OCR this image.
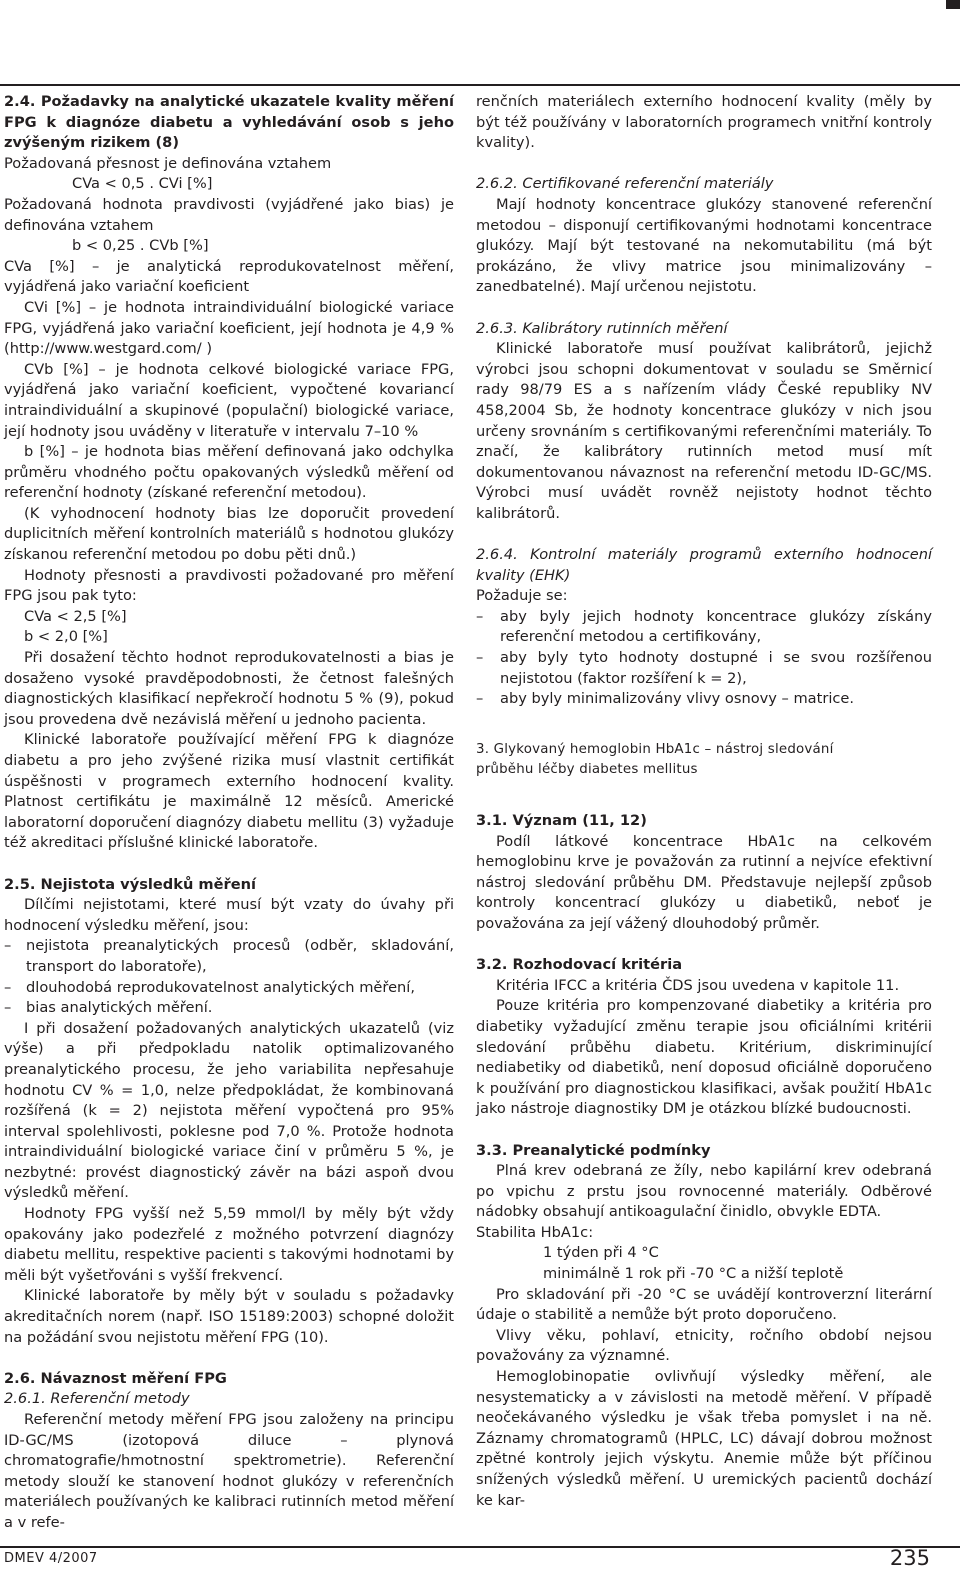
2.4. Požadavky na analytické ukazatele kvality měření FPG k diagnóze diabetu a vyhledávání osob s jeho zvýšeným rizikem (8)

Požadovaná přesnost je definována vztahem

CVa < 0,5 . CVi [%]

Požadovaná hodnota pravdivosti (vyjádřené jako bias) je definována vztahem

b < 0,25 . CVb [%]

CVa [%] – je analytická reprodukovatelnost měření, vyjádřená jako variační koeficient

CVi [%] – je hodnota intraindividuální biologické variace FPG, vyjádřená jako variační koeficient, její hodnota je 4,9 % (http://www.westgard.com/ )

CVb [%] – je hodnota celkové biologické variace FPG, vyjádřená jako variační koeficient, vypočtené kovariancí intraindividuální a skupinové (populační) biologické variace, její hodnoty jsou uváděny v literatuře v intervalu 7–10 %

b [%] – je hodnota bias měření definovaná jako odchylka průměru vhodného počtu opakovaných výsledků měření od referenční hodnoty (získané referenční metodou).

(K vyhodnocení hodnoty bias lze doporučit provedení duplicitních měření kontrolních materiálů s hodnotou glukózy získanou referenční metodou po dobu pěti dnů.)

Hodnoty přesnosti a pravdivosti požadované pro měření FPG jsou pak tyto:

CVa < 2,5 [%]

b < 2,0 [%]

Při dosažení těchto hodnot reprodukovatelnosti a bias je dosaženo vysoké pravděpodobnosti, že četnost falešných diagnostických klasifikací nepřekročí hodnotu 5 % (9), pokud jsou provedena dvě nezávislá měření u jednoho pacienta.

Klinické laboratoře používající měření FPG k diagnóze diabetu a pro jeho zvýšené rizika musí vlastnit certifikát úspěšnosti v programech externího hodnocení kvality. Platnost certifikátu je maximálně 12 měsíců. Americké laboratorní doporučení diagnózy diabetu mellitu (3) vyžaduje též akreditaci příslušné klinické laboratoře.

2.5. Nejistota výsledků měření

Dílčími nejistotami, které musí být vzaty do úvahy při hodnocení výsledku měření, jsou:

– nejistota preanalytických procesů (odběr, skladování, transport do laboratoře),
– dlouhodobá reprodukovatelnost analytických měření,
– bias analytických měření.

I při dosažení požadovaných analytických ukazatelů (viz výše) a při předpokladu natolik optimalizovaného preanalytického procesu, že jeho variabilita nepřesahuje hodnotu CV % = 1,0, nelze předpokládat, že kombinovaná rozšířená (k = 2) nejistota měření vypočtená pro 95% interval spolehlivosti, poklesne pod 7,0 %. Protože hodnota intraindividuální biologické variace činí v průměru 5 %, je nezbytné: provést diagnostický závěr na bázi aspoň dvou výsledků měření.

Hodnoty FPG vyšší než 5,59 mmol/l by měly být vždy opakovány jako podezřelé z možného potvrzení diagnózy diabetu mellitu, respektive pacienti s takovými hodnotami by měli být vyšetřováni s vyšší frekvencí.

Klinické laboratoře by měly být v souladu s požadavky akreditačních norem (např. ISO 15189:2003) schopné doložit na požádání svou nejistotu měření FPG (10).

2.6. Návaznost měření FPG

2.6.1. Referenční metody

Referenční metody měření FPG jsou založeny na principu ID-GC/MS (izotopová diluce – plynová chromatografie/hmotnostní spektrometrie). Referenční metody slouží ke stanovení hodnot glukózy v referenčních materiálech používaných ke kalibraci rutinních metod měření a v refe-

renčních materiálech externího hodnocení kvality (měly by být též používány v laboratorních programech vnitřní kontroly kvality).

2.6.2. Certifikované referenční materiály

Mají hodnoty koncentrace glukózy stanovené referenční metodou – disponují certifikovanými hodnotami koncentrace glukózy. Mají být testované na nekomutabilitu (má být prokázáno, že vlivy matrice jsou minimalizovány – zanedbatelné). Mají určenou nejistotu.

2.6.3. Kalibrátory rutinních měření

Klinické laboratoře musí používat kalibrátorů, jejichž výrobci jsou schopni dokumentovat v souladu se Směrnicí rady 98/79 ES a s nařízením vlády České republiky NV 458,2004 Sb, že hodnoty koncentrace glukózy v nich jsou určeny srovnáním s certifikovanými referenčními materiály. To značí, že kalibrátory rutinních metod musí mít dokumentovanou návaznost na referenční metodu ID-GC/MS. Výrobci musí uvádět rovněž nejistoty hodnot těchto kalibrátorů.

2.6.4. Kontrolní materiály programů externího hodnocení kvality (EHK)

Požaduje se:

– aby byly jejich hodnoty koncentrace glukózy získány referenční metodou a certifikovány,
– aby byly tyto hodnoty dostupné i se svou rozšířenou nejistotou (faktor rozšíření k = 2),
– aby byly minimalizovány vlivy osnovy – matrice.

3. Glykovaný hemoglobin HbA1c – nástroj sledování

průběhu léčby diabetes mellitus

3.1. Význam (11, 12)

Podíl látkové koncentrace HbA1c na celkovém hemoglobinu krve je považován za rutinní a nejvíce efektivní nástroj sledování průběhu DM. Představuje nejlepší způsob kontroly koncentrací glukózy u diabetiků, neboť je považována za její vážený dlouhodobý průměr.

3.2. Rozhodovací kritéria

Kritéria IFCC a kritéria ČDS jsou uvedena v kapitole 11.

Pouze kritéria pro kompenzované diabetiky a kritéria pro diabetiky vyžadující změnu terapie jsou oficiálními kritérii sledování průběhu diabetu. Kritérium, diskriminující nediabetiky od diabetiků, není doposud oficiálně doporučeno k používání pro diagnostickou klasifikaci, avšak použití HbA1c jako nástroje diagnostiky DM je otázkou blízké budoucnosti.

3.3. Preanalytické podmínky

Plná krev odebraná ze žíly, nebo kapilární krev odebraná po vpichu z prstu jsou rovnocenné materiály. Odběrové nádobky obsahují antikoagulační činidlo, obvykle EDTA.

Stabilita HbA1c:

1 týden při 4 °C

minimálně 1 rok při -70 °C a nižší teplotě

Pro skladování při -20 °C se uvádějí kontroverzní literární údaje o stabilitě a nemůže být proto doporučeno.

Vlivy věku, pohlaví, etnicity, ročního období nejsou považovány za významné.

Hemoglobinopatie ovlivňují výsledky měření, ale nesystematicky a v závislosti na metodě měření. V případě neočekávaného výsledku je však třeba pomyslet i na ně. Záznamy chromatogramů (HPLC, LC) dávají dobrou možnost zpětné kontroly jejich výskytu. Anemie může být příčinou snížených výsledků měření. U uremických pacientů dochází ke kar-

DMEV 4/2007	235
